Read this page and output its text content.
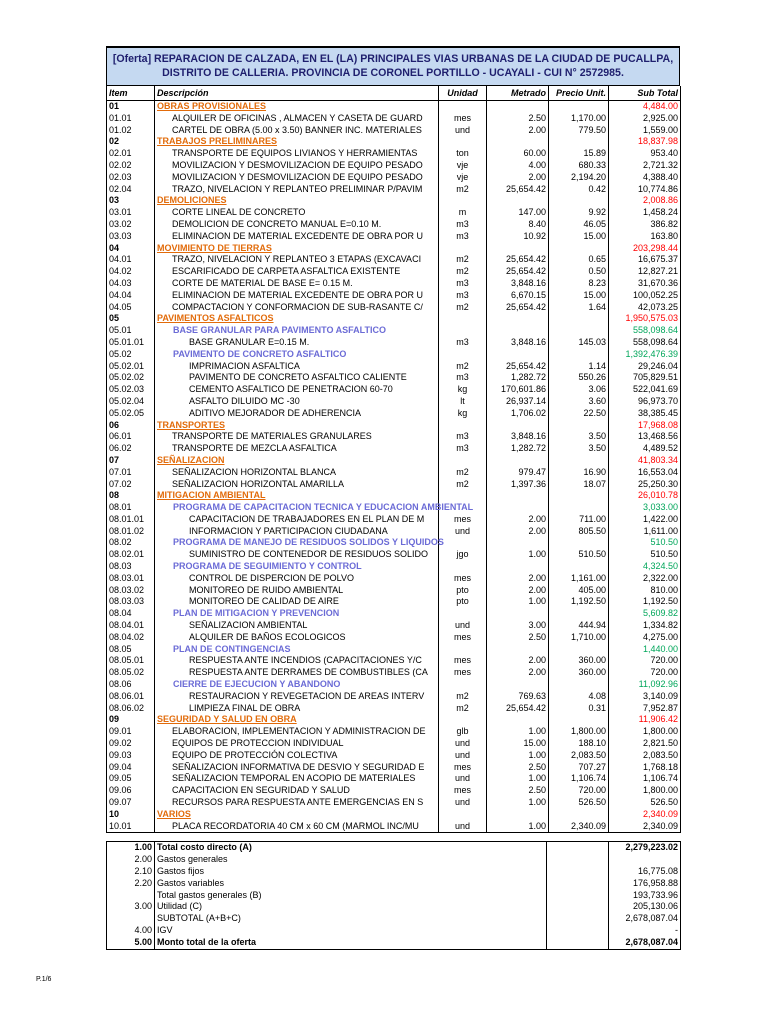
[Oferta] REPARACION DE CALZADA, EN EL (LA) PRINCIPALES VIAS URBANAS DE LA CIUDAD DE PUCALLPA,
DISTRITO DE CALLERIA. PROVINCIA DE CORONEL PORTILLO - UCAYALI - CUI N° 2572985.
Item	Descripción	Unidad	Metrado	Precio Unit.	Sub Total
01	OBRAS PROVISIONALES				4,484.00
01.01	ALQUILER DE OFICINAS , ALMACEN Y CASETA DE GUARD	mes	2.50	1,170.00	2,925.00
01.02	CARTEL DE OBRA (5.00 x 3.50) BANNER INC. MATERIALES	und	2.00	779.50	1,559.00
02	TRABAJOS PRELIMINARES				18,837.98
02.01	TRANSPORTE DE EQUIPOS LIVIANOS Y HERRAMIENTAS	ton	60.00	15.89	953.40
02.02	MOVILIZACION Y DESMOVILIZACION DE EQUIPO PESADO	vje	4.00	680.33	2,721.32
02.03	MOVILIZACION Y DESMOVILIZACION DE EQUIPO PESADO	vje	2.00	2,194.20	4,388.40
02.04	TRAZO, NIVELACION Y REPLANTEO PRELIMINAR P/PAVIM	m2	25,654.42	0.42	10,774.86
03	DEMOLICIONES				2,008.86
03.01	CORTE LINEAL DE CONCRETO	m	147.00	9.92	1,458.24
03.02	DEMOLICION DE CONCRETO MANUAL E=0.10 M.	m3	8.40	46.05	386.82
03.03	ELIMINACION DE MATERIAL EXCEDENTE DE OBRA POR U	m3	10.92	15.00	163.80
04	MOVIMIENTO DE TIERRAS				203,298.44
04.01	TRAZO, NIVELACION Y REPLANTEO 3 ETAPAS (EXCAVACI	m2	25,654.42	0.65	16,675.37
04.02	ESCARIFICADO DE CARPETA ASFALTICA EXISTENTE	m2	25,654.42	0.50	12,827.21
04.03	CORTE DE MATERIAL DE BASE E= 0.15 M.	m3	3,848.16	8.23	31,670.36
04.04	ELIMINACION DE MATERIAL EXCEDENTE DE OBRA POR U	m3	6,670.15	15.00	100,052.25
04.05	COMPACTACION Y CONFORMACION DE SUB-RASANTE C/	m2	25,654.42	1.64	42,073.25
05	PAVIMENTOS ASFALTICOS				1,950,575.03
05.01	BASE GRANULAR PARA PAVIMENTO ASFALTICO				558,098.64
05.01.01	BASE GRANULAR E=0.15 M.	m3	3,848.16	145.03	558,098.64
05.02	PAVIMENTO DE CONCRETO ASFALTICO				1,392,476.39
05.02.01	IMPRIMACION ASFALTICA	m2	25,654.42	1.14	29,246.04
05.02.02	PAVIMENTO DE CONCRETO ASFALTICO CALIENTE	m3	1,282.72	550.26	705,829.51
05.02.03	CEMENTO ASFALTICO DE PENETRACION 60-70	kg	170,601.86	3.06	522,041.69
05.02.04	ASFALTO DILUIDO MC -30	lt	26,937.14	3.60	96,973.70
05.02.05	ADITIVO MEJORADOR DE ADHERENCIA	kg	1,706.02	22.50	38,385.45
06	TRANSPORTES				17,968.08
06.01	TRANSPORTE DE MATERIALES GRANULARES	m3	3,848.16	3.50	13,468.56
06.02	TRANSPORTE DE MEZCLA ASFALTICA	m3	1,282.72	3.50	4,489.52
07	SEÑALIZACION				41,803.34
07.01	SEÑALIZACION HORIZONTAL BLANCA	m2	979.47	16.90	16,553.04
07.02	SEÑALIZACION HORIZONTAL AMARILLA	m2	1,397.36	18.07	25,250.30
08	MITIGACION AMBIENTAL				26,010.78
08.01	PROGRAMA DE CAPACITACION TECNICA Y EDUCACION AMBIENTAL				3,033.00
08.01.01	CAPACITACION DE TRABAJADORES EN EL PLAN DE M	mes	2.00	711.00	1,422.00
08.01.02	INFORMACION Y PARTICIPACION CIUDADANA	und	2.00	805.50	1,611.00
08.02	PROGRAMA DE MANEJO DE RESIDUOS SOLIDOS Y LIQUIDOS				510.50
08.02.01	SUMINISTRO DE CONTENEDOR DE RESIDUOS SOLIDO	jgo	1.00	510.50	510.50
08.03	PROGRAMA DE SEGUIMIENTO Y CONTROL				4,324.50
08.03.01	CONTROL DE DISPERCION DE POLVO	mes	2.00	1,161.00	2,322.00
08.03.02	MONITOREO DE RUIDO AMBIENTAL	pto	2.00	405.00	810.00
08.03.03	MONITOREO DE CALIDAD DE AIRE	pto	1.00	1,192.50	1,192.50
08.04	PLAN DE MITIGACION Y PREVENCION				5,609.82
08.04.01	SEÑALIZACION AMBIENTAL	und	3.00	444.94	1,334.82
08.04.02	ALQUILER DE BAÑOS ECOLOGICOS	mes	2.50	1,710.00	4,275.00
08.05	PLAN DE CONTINGENCIAS				1,440.00
08.05.01	RESPUESTA ANTE INCENDIOS (CAPACITACIONES Y/C	mes	2.00	360.00	720.00
08.05.02	RESPUESTA ANTE DERRAMES DE COMBUSTIBLES (CA	mes	2.00	360.00	720.00
08.06	CIERRE DE EJECUCION Y ABANDONO				11,092.96
08.06.01	RESTAURACION Y REVEGETACION DE AREAS INTERV	m2	769.63	4.08	3,140.09
08.06.02	LIMPIEZA FINAL DE OBRA	m2	25,654.42	0.31	7,952.87
09	SEGURIDAD Y SALUD EN OBRA				11,906.42
09.01	ELABORACION, IMPLEMENTACION Y ADMINISTRACION DE	glb	1.00	1,800.00	1,800.00
09.02	EQUIPOS DE PROTECCION INDIVIDUAL	und	15.00	188.10	2,821.50
09.03	EQUIPO DE PROTECCIÓN COLECTIVA	und	1.00	2,083.50	2,083.50
09.04	SEÑALIZACION INFORMATIVA DE DESVIO Y SEGURIDAD E	mes	2.50	707.27	1,768.18
09.05	SEÑALIZACION TEMPORAL EN ACOPIO DE MATERIALES	und	1.00	1,106.74	1,106.74
09.06	CAPACITACION EN SEGURIDAD Y SALUD	mes	2.50	720.00	1,800.00
09.07	RECURSOS PARA RESPUESTA ANTE EMERGENCIAS EN S	und	1.00	526.50	526.50
10	VARIOS				2,340.09
10.01	PLACA RECORDATORIA 40 CM x 60 CM (MARMOL INC/MU	und	1.00	2,340.09	2,340.09
1.00	Total costo directo (A)		2,279,223.02
2.00	Gastos generales		
2.10	Gastos fijos		16,775.08
2.20	Gastos variables		176,958.88
	Total gastos generales (B)		193,733.96
3.00	Utilidad (C)		205,130.06
	SUBTOTAL (A+B+C)		2,678,087.04
4.00	IGV		-
5.00	Monto total de la oferta		2,678,087.04
P.1/6
